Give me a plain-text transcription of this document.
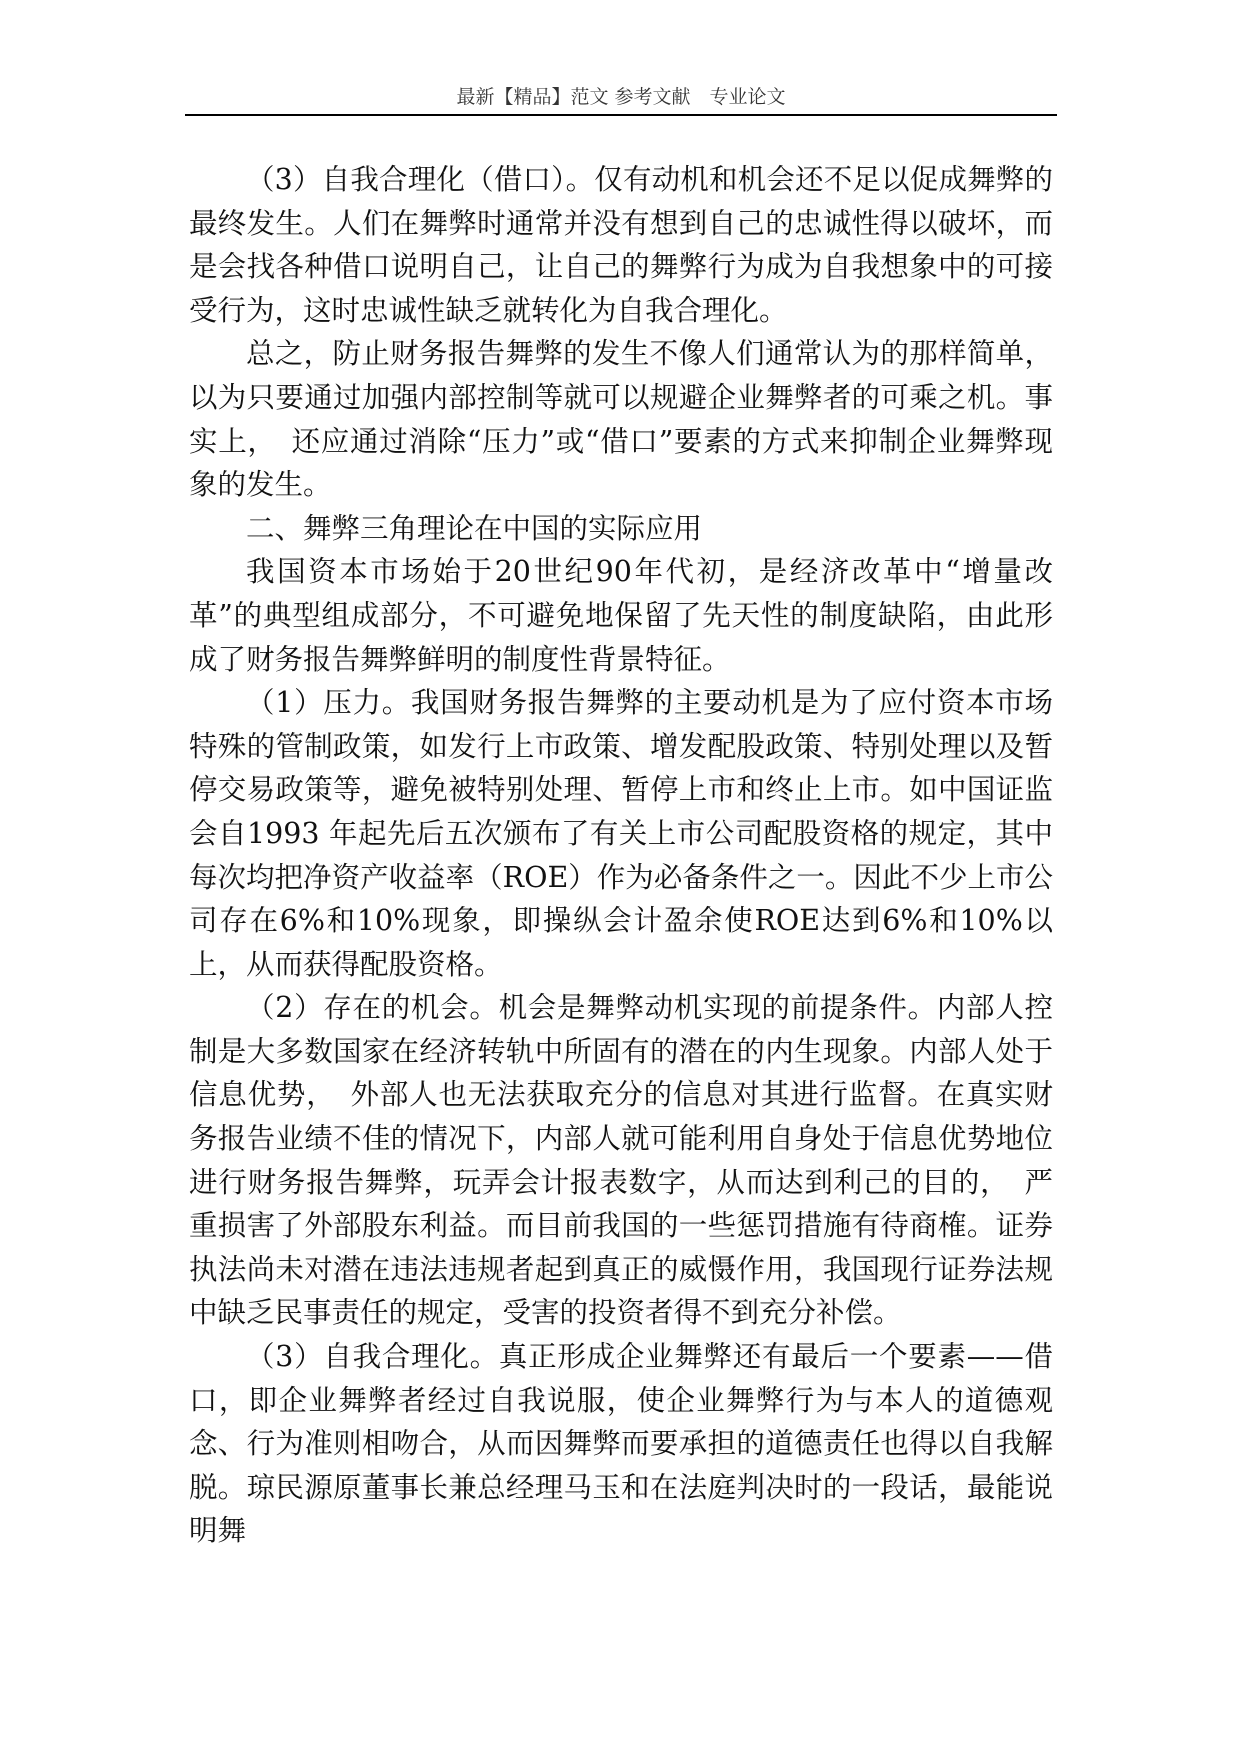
最新【精品】范文 参考文献　专业论文

（3）自我合理化（借口）。仅有动机和机会还不足以促成舞弊的最终发生。人们在舞弊时通常并没有想到自己的忠诚性得以破坏，而是会找各种借口说明自己，让自己的舞弊行为成为自我想象中的可接受行为，这时忠诚性缺乏就转化为自我合理化。

总之，防止财务报告舞弊的发生不像人们通常认为的那样简单，以为只要通过加强内部控制等就可以规避企业舞弊者的可乘之机。事实上，　还应通过消除“压力”或“借口”要素的方式来抑制企业舞弊现象的发生。

二、舞弊三角理论在中国的实际应用

我国资本市场始于20世纪90年代初，是经济改革中“增量改革”的典型组成部分，不可避免地保留了先天性的制度缺陷，由此形成了财务报告舞弊鲜明的制度性背景特征。

（1）压力。我国财务报告舞弊的主要动机是为了应付资本市场特殊的管制政策，如发行上市政策、增发配股政策、特别处理以及暂停交易政策等，避免被特别处理、暂停上市和终止上市。如中国证监会自1993 年起先后五次颁布了有关上市公司配股资格的规定，其中每次均把净资产收益率（ROE）作为必备条件之一。因此不少上市公司存在6%和10%现象，即操纵会计盈余使ROE达到6%和10%以上，从而获得配股资格。

（2）存在的机会。机会是舞弊动机实现的前提条件。内部人控制是大多数国家在经济转轨中所固有的潜在的内生现象。内部人处于信息优势，　外部人也无法获取充分的信息对其进行监督。在真实财务报告业绩不佳的情况下，内部人就可能利用自身处于信息优势地位进行财务报告舞弊，玩弄会计报表数字，从而达到利己的目的，　严重损害了外部股东利益。而目前我国的一些惩罚措施有待商榷。证券执法尚未对潜在违法违规者起到真正的威慑作用，我国现行证券法规中缺乏民事责任的规定，受害的投资者得不到充分补偿。

（3）自我合理化。真正形成企业舞弊还有最后一个要素——借口，即企业舞弊者经过自我说服，使企业舞弊行为与本人的道德观念、行为准则相吻合，从而因舞弊而要承担的道德责任也得以自我解脱。琼民源原董事长兼总经理马玉和在法庭判决时的一段话，最能说明舞
